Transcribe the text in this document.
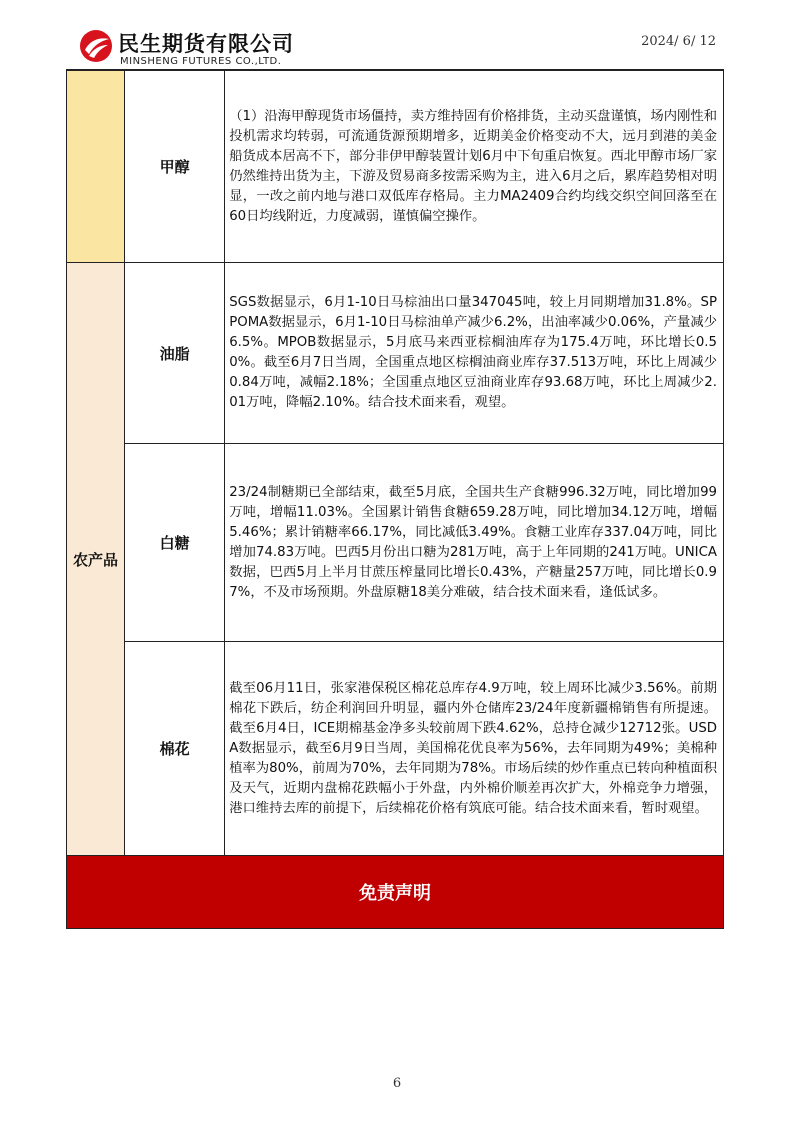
民生期货有限公司
MINSHENG FUTURES CO.,LTD.
2024/ 6/ 12
	甲醇	（1）沿海甲醇现货市场僵持，卖方维持固有价格排货，主动买盘谨慎，场内刚性和投机需求均转弱，可流通货源预期增多，近期美金价格变动不大，远月到港的美金船货成本居高不下，部分非伊甲醇装置计划6月中下旬重启恢复。西北甲醇市场厂家仍然维持出货为主，下游及贸易商多按需采购为主，进入6月之后，累库趋势相对明显，一改之前内地与港口双低库存格局。主力MA2409合约均线交织空间回落至在60日均线附近，力度减弱，谨慎偏空操作。
农产品	油脂	SGS数据显示，6月1-10日马棕油出口量347045吨，较上月同期增加31.8%。SPPOMA数据显示，6月1-10日马棕油单产减少6.2%，出油率减少0.06%，产量减少6.5%。MPOB数据显示，5月底马来西亚棕榈油库存为175.4万吨，环比增长0.50%。截至6月7日当周，全国重点地区棕榈油商业库存37.513万吨，环比上周减少0.84万吨，减幅2.18%；全国重点地区豆油商业库存93.68万吨，环比上周减少2.01万吨，降幅2.10%。结合技术面来看，观望。
	白糖	23/24制糖期已全部结束，截至5月底，全国共生产食糖996.32万吨，同比增加99万吨，增幅11.03%。全国累计销售食糖659.28万吨，同比增加34.12万吨，增幅5.46%；累计销糖率66.17%，同比减低3.49%。食糖工业库存337.04万吨，同比增加74.83万吨。巴西5月份出口糖为281万吨，高于上年同期的241万吨。UNICA数据，巴西5月上半月甘蔗压榨量同比增长0.43%，产糖量257万吨，同比增长0.97%，不及市场预期。外盘原糖18美分难破，结合技术面来看，逢低试多。
	棉花	截至06月11日，张家港保税区棉花总库存4.9万吨，较上周环比减少3.56%。前期棉花下跌后，纺企利润回升明显，疆内外仓储库23/24年度新疆棉销售有所提速。截至6月4日，ICE期棉基金净多头较前周下跌4.62%，总持仓减少12712张。USDA数据显示，截至6月9日当周，美国棉花优良率为56%，去年同期为49%；美棉种植率为80%，前周为70%，去年同期为78%。市场后续的炒作重点已转向种植面积及天气，近期内盘棉花跌幅小于外盘，内外棉价顺差再次扩大，外棉竞争力增强，港口维持去库的前提下，后续棉花价格有筑底可能。结合技术面来看，暂时观望。
免责声明		
6
